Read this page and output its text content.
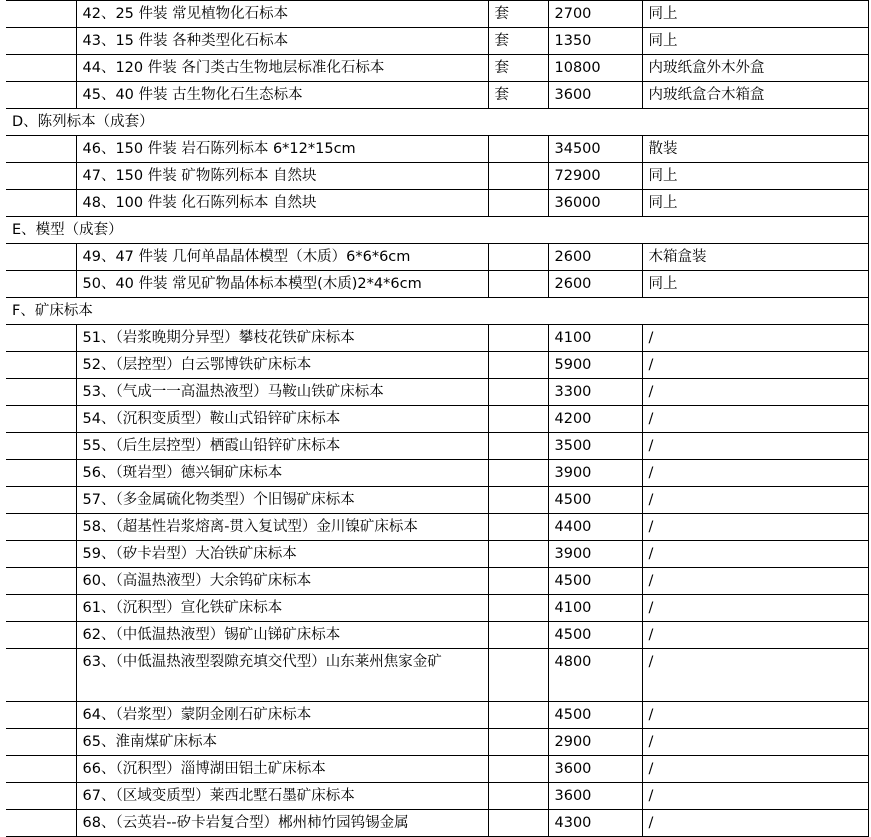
	42、25 件装 常见植物化石标本	套	2700	同上
	43、15 件装 各种类型化石标本	套	1350	同上
	44、120 件装 各门类古生物地层标准化石标本	套	10800	内玻纸盒外木外盒
	45、40 件装 古生物化石生态标本	套	3600	内玻纸盒合木箱盒
D、陈列标本（成套）				
	46、150 件装 岩石陈列标本 6*12*15cm		34500	散装
	47、150 件装 矿物陈列标本 自然块		72900	同上
	48、100 件装 化石陈列标本 自然块		36000	同上
E、模型（成套）				
	49、47 件装 几何单晶晶体模型（木质）6*6*6cm		2600	木箱盒装
	50、40 件装 常见矿物晶体标本模型(木质)2*4*6cm		2600	同上
F、矿床标本				
	51、（岩浆晚期分异型）攀枝花铁矿床标本		4100	/
	52、（层控型）白云鄂博铁矿床标本		5900	/
	53、（气成一一高温热液型）马鞍山铁矿床标本		3300	/
	54、（沉积变质型）鞍山式铅锌矿床标本		4200	/
	55、（后生层控型）栖霞山铅锌矿床标本		3500	/
	56、（斑岩型）德兴铜矿床标本		3900	/
	57、（多金属硫化物类型）个旧锡矿床标本		4500	/
	58、（超基性岩浆熔离-贯入复试型）金川镍矿床标本		4400	/
	59、（矽卡岩型）大冶铁矿床标本		3900	/
	60、（高温热液型）大余钨矿床标本		4500	/
	61、（沉积型）宣化铁矿床标本		4100	/
	62、（中低温热液型）锡矿山锑矿床标本		4500	/
	63、（中低温热液型裂隙充填交代型）山东莱州焦家金矿		4800	/
	64、（岩浆型）蒙阴金刚石矿床标本		4500	/
	65、淮南煤矿床标本		2900	/
	66、（沉积型）淄博湖田铝土矿床标本		3600	/
	67、（区域变质型）莱西北墅石墨矿床标本		3600	/
	68、（云英岩--矽卡岩复合型）郴州柿竹园钨锡金属		4300	/
